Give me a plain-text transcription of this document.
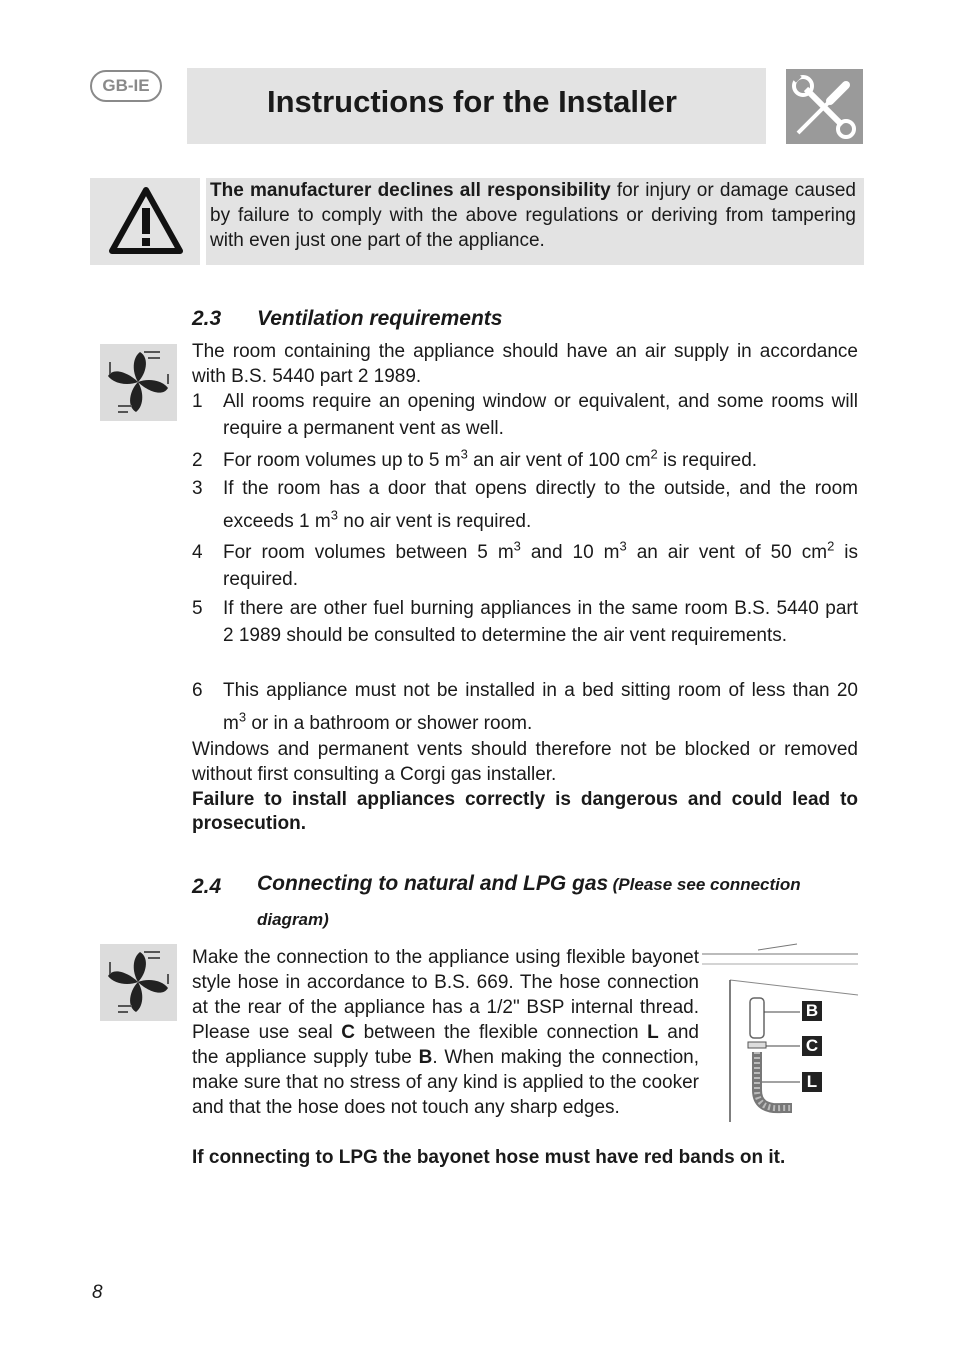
GB-IE	Instructions for the Installer
The manufacturer declines all responsibility for injury or damage caused by failure to comply with the above regulations or deriving from tampering with even just one part of the appliance.
2.3 Ventilation requirements
The room containing the appliance should have an air supply in accordance with B.S. 5440 part 2 1989.
1	All rooms require an opening window or equivalent, and some rooms will require a permanent vent as well.
2	For room volumes up to 5 $m^3$ an air vent of 100 $cm^2$ is required.
3	If the room has a door that opens directly to the outside, and the room exceeds 1 $m^3$ no air vent is required.
4	For room volumes between 5 $m^3$ and 10 $m^3$ an air vent of 50 $cm^2$ is required.
5	If there are other fuel burning appliances in the same room B.S. 5440 part 2 1989 should be consulted to determine the air vent requirements.
6	This appliance must not be installed in a bed sitting room of less than 20 $m^3$ or in a bathroom or shower room.
Windows and permanent vents should therefore not be blocked or removed without first consulting a Corgi gas installer.
Failure to install appliances correctly is dangerous and could lead to prosecution.
2.4 Connecting to natural and LPG gas (Please see connection
diagram)
Make the connection to the appliance using flexible bayonet style hose in accordance to B.S. 669. The hose connection at the rear of the appliance has a 1/2" BSP internal thread. Please use seal C between the flexible connection L and the appliance supply tube B. When making the connection, make sure that no stress of any kind is applied to the cooker and that the hose does not touch any sharp edges.
B
C
L
If connecting to LPG the bayonet hose must have red bands on it.
8
